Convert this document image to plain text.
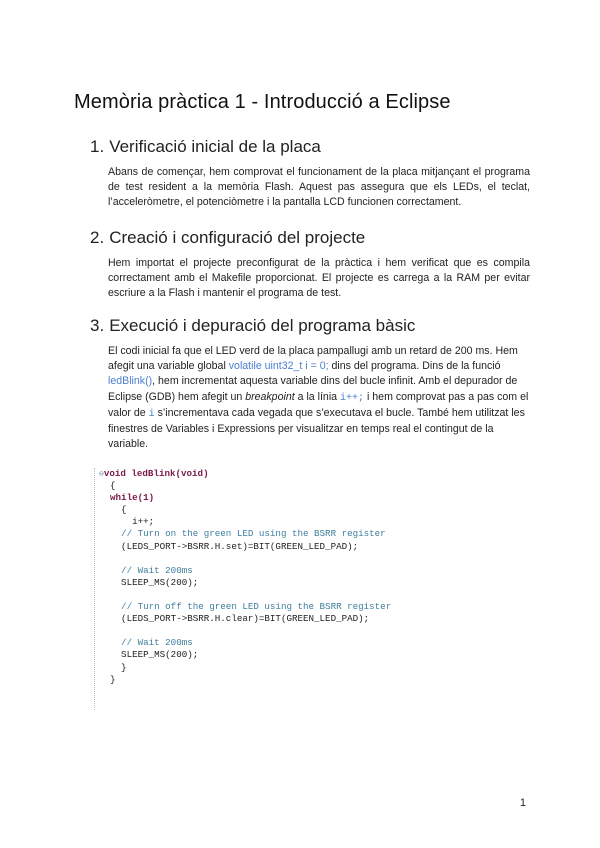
Memòria pràctica 1 - Introducció a Eclipse
1. Verificació inicial de la placa

Abans de començar, hem comprovat el funcionament de la placa mitjançant el programa de test resident a la memòria Flash. Aquest pas assegura que els LEDs, el teclat, l’acceleròmetre, el potenciòmetre i la pantalla LCD funcionen correctament.

2. Creació i configuració del projecte

Hem importat el projecte preconfigurat de la pràctica i hem verificat que es compila correctament amb el Makefile proporcionat. El projecte es carrega a la RAM per evitar escriure a la Flash i mantenir el programa de test.

3. Execució i depuració del programa bàsic

El codi inicial fa que el LED verd de la placa pampallugi amb un retard de 200 ms. Hem afegit una variable global volatile uint32_t i = 0; dins del programa. Dins de la funció ledBlink(), hem incrementat aquesta variable dins del bucle infinit. Amb el depurador de Eclipse (GDB) hem afegit un breakpoint a la línia i++; i hem comprovat pas a pas com el valor de i s’incrementava cada vegada que s’executava el bucle. També hem utilitzat les finestres de Variables i Expressions per visualitzar en temps real el contingut de la variable.

⊖void ledBlink(void)
{
while(1)
{
i++;
// Turn on the green LED using the BSRR register
(LEDS_PORT->BSRR.H.set)=BIT(GREEN_LED_PAD);
// Wait 200ms
SLEEP_MS(200);
// Turn off the green LED using the BSRR register
(LEDS_PORT->BSRR.H.clear)=BIT(GREEN_LED_PAD);
// Wait 200ms
SLEEP_MS(200);
}
}
1
